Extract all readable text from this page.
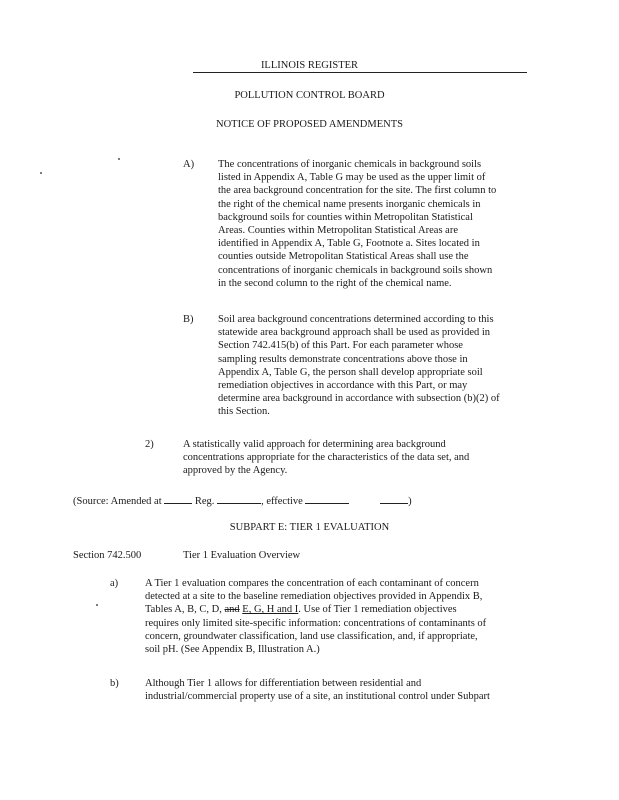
ILLINOIS REGISTER
POLLUTION CONTROL BOARD
NOTICE OF PROPOSED AMENDMENTS
A) The concentrations of inorganic chemicals in background soils
listed in Appendix A, Table G may be used as the upper limit of
the area background concentration for the site. The first column to
the right of the chemical name presents inorganic chemicals in
background soils for counties within Metropolitan Statistical
Areas. Counties within Metropolitan Statistical Areas are
identified in Appendix A, Table G, Footnote a. Sites located in
counties outside Metropolitan Statistical Areas shall use the
concentrations of inorganic chemicals in background soils shown
in the second column to the right of the chemical name.
B) Soil area background concentrations determined according to this
statewide area background approach shall be used as provided in
Section 742.415(b) of this Part. For each parameter whose
sampling results demonstrate concentrations above those in
Appendix A, Table G, the person shall develop appropriate soil
remediation objectives in accordance with this Part, or may
determine area background in accordance with subsection (b)(2) of
this Section.
2)	A statistically valid approach for determining area background
concentrations appropriate for the characteristics of the data set, and
approved by the Agency.
(Source: Amended at	Reg.	, effective	)
SUBPART E: TIER 1 EVALUATION
Section 742.500	Tier 1 Evaluation Overview
a)	A Tier 1 evaluation compares the concentration of each contaminant of concern
detected at a site to the baseline remediation objectives provided in Appendix B,
Tables A, B, C, D, and E, G, H and I. Use of Tier 1 remediation objectives
requires only limited site-specific information: concentrations of contaminants of
concern, groundwater classification, land use classification, and, if appropriate,
soil pH. (See Appendix B, Illustration A.)
b)	Although Tier 1 allows for differentiation between residential and
industrial/commercial property use of a site, an institutional control under Subpart
